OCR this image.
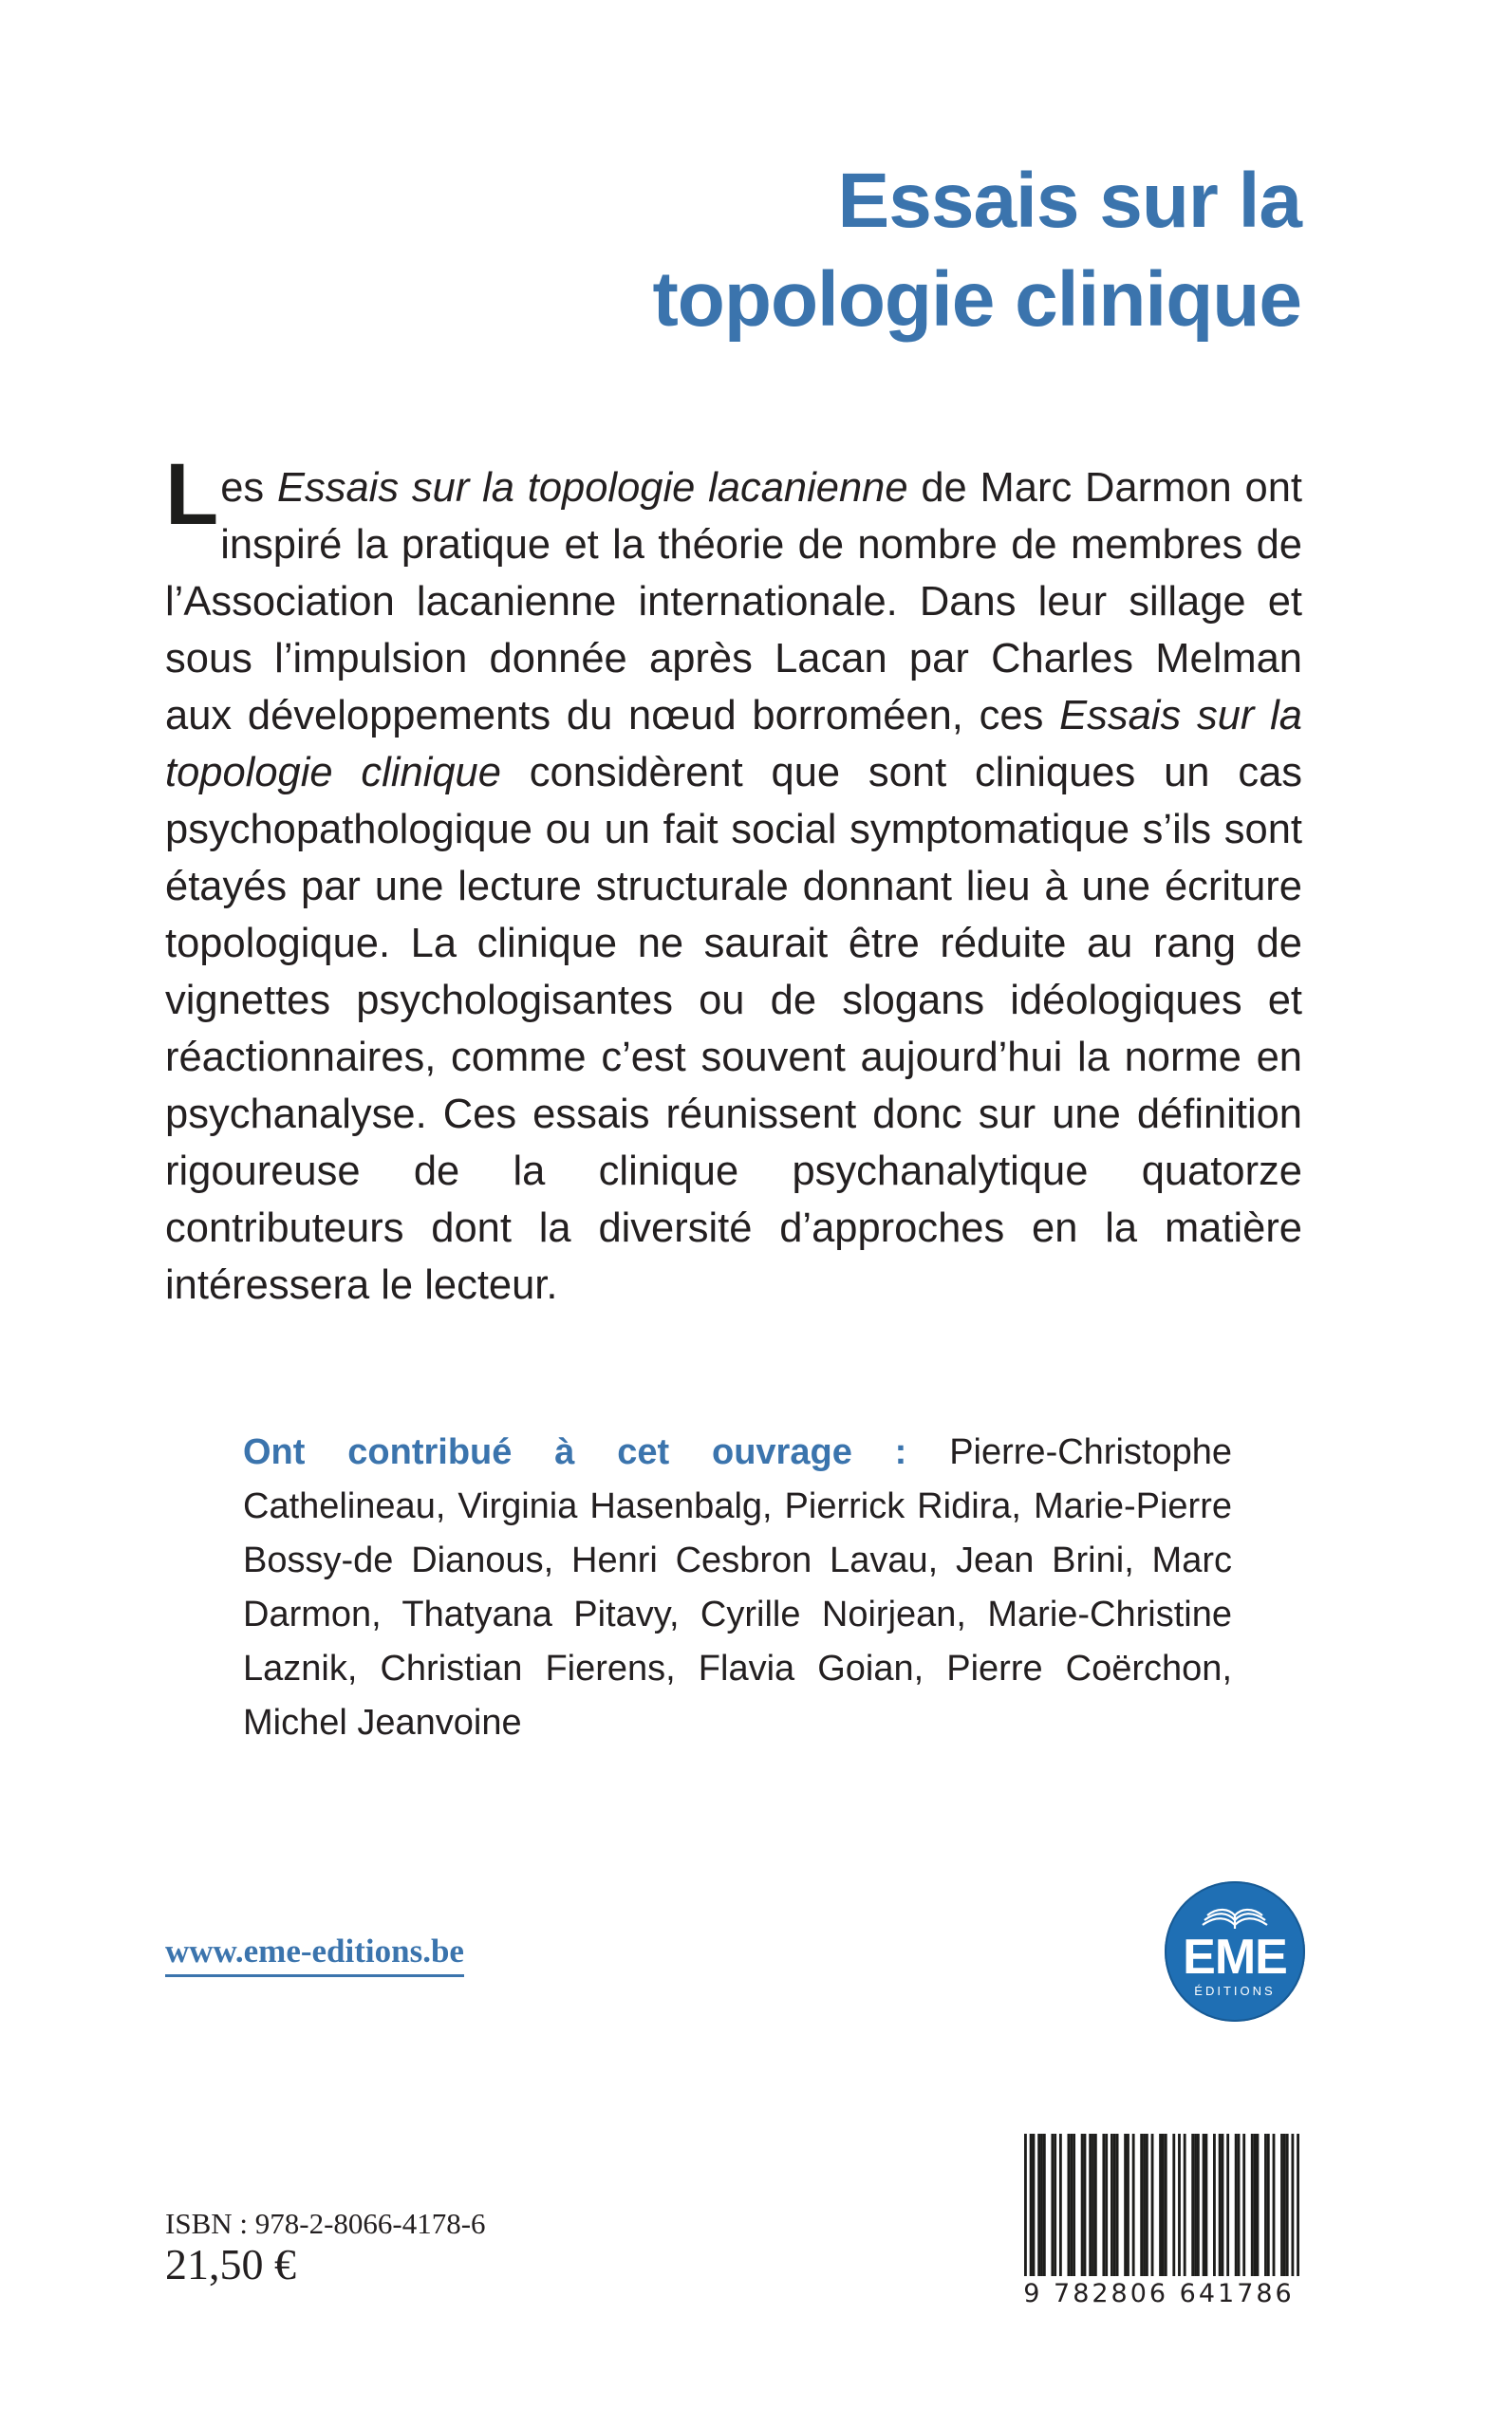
Essais sur la
topologie clinique
Les Essais sur la topologie lacanienne de Marc Darmon ont inspiré la pratique et la théorie de nombre de membres de l’Association lacanienne internationale. Dans leur sillage et sous l’impulsion donnée après Lacan par Charles Melman aux développements du nœud borroméen, ces Essais sur la topologie clinique considèrent que sont cliniques un cas psychopathologique ou un fait social symptomatique s’ils sont étayés par une lecture structurale donnant lieu à une écriture topologique. La clinique ne saurait être réduite au rang de vignettes psychologisantes ou de slogans idéologiques et réactionnaires, comme c’est souvent aujourd’hui la norme en psychanalyse. Ces essais réunissent donc sur une définition rigoureuse de la clinique psychanalytique quatorze contributeurs dont la diversité d’approches en la matière intéressera le lecteur.
Ont contribué à cet ouvrage : Pierre-Christophe Cathelineau, Virginia Hasenbalg, Pierrick Ridira, Marie-Pierre Bossy-de Dianous, Henri Cesbron Lavau, Jean Brini, Marc Darmon, Thatyana Pitavy, Cyrille Noirjean, Marie-Christine Laznik, Christian Fierens, Flavia Goian, Pierre Coërchon, Michel Jeanvoine
www.eme-editions.be	EME
ÉDITIONS
ISBN : 978-2-8066-4178-6
21,50 €
9 782806 641786
